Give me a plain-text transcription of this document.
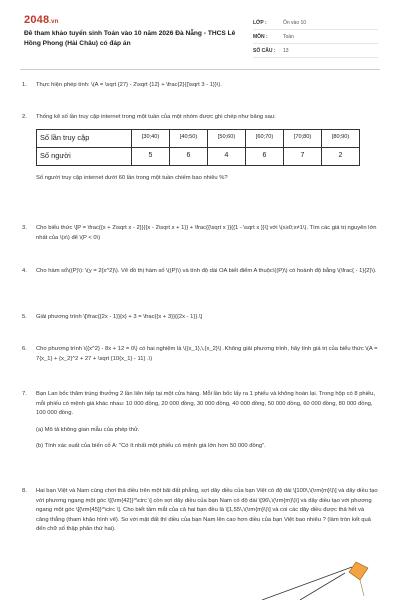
2048.vn
Đề tham khảo tuyển sinh Toán vào 10 năm 2026 Đà Nẵng - THCS Lê Hồng Phong (Hải Châu) có đáp án
LỚP :	Ôn vào 10
MÔN :	Toán
SỐ CÂU :	13
1.	Thực hiện phép tính: \(A = \sqrt {27} - 2\sqrt {12} + \frac{2}{{\sqrt 3 - 1}}\).

2.	Thống kê số lần truy cập internet trong một tuần của một nhóm được ghi chép như bảng sau:

Số lần truy cập	[30;40)	[40;50)	[50;60)	[60;70)	[70;80)	[80;90)
Số người	5	6	4	6	7	2

Số người truy cập internet dưới 60 lần trong một tuần chiếm bao nhiêu %?

3.	Cho biểu thức \[P = \frac{{x + 2\sqrt x - 2}}{{x - 2\sqrt x + 1}} + \frac{{\sqrt x }}{{1 - \sqrt x }}\] với \(x≥0;x≠1\). Tìm các giá trị nguyên lớn nhất của \(x\) để \(P < 0\)

4.	Cho hàm số\((P)\): \(y = 2{x^2}\). Vẽ đồ thị hàm số \((P)\) và tính độ dài OA biết điểm A thuộc\((P)\) có hoành độ bằng \(\frac{ - 1}{2}\).

5.	Giải phương trình \[\frac{{2x - 1}}{x} + 3 = \frac{{x + 3}}{{2x - 1}}.\]

6.	Cho phương trình \({x^2} - 8x + 12 = 0\) có hai nghiệm là \({x_1},\,{x_2}\) .Không giải phương trình, hãy tính giá trị của biểu thức \(A = 7{x_1} + {x_2}^2 + 27 + \sqrt {10{x_1} - 11} .\)

7.	Bạn Lan bốc thăm trúng thưởng 2 lần liên tiếp tại một cửa hàng. Mỗi lần bốc lấy ra 1 phiếu và không hoàn lại. Trong hộp có 8 phiếu, mỗi phiếu có mệnh giá khác nhau: 10 000 đồng, 20 000 đồng, 30 000 đồng, 40 000 đồng, 50 000 đồng, 60 000 đồng, 80 000 đồng, 100 000 đồng.

(a) Mô tả không gian mẫu của phép thử.

(b) Tính xác suất của biến cố A: "Có ít nhất một phiếu có mệnh giá lớn hơn 50 000 đồng".

8.	Hai bạn Việt và Nam cùng chơi thả diều trên một bãi đất phẳng, sợi dây diều của bạn Việt có độ dài \[100\,\(\rm{m}\)\] và dây diều tạo với phương ngang một góc \[{\rm{42}}^\circ \] còn sợi dây diều của bạn Nam có độ dài \[96\,\(\rm{m}\)\] và dây diều tạo với phương ngang một góc \[{\rm{45}}^\circ \]. Cho biết tầm mắt của cả hai bạn đều là \[1,55\,\(\rm{m}\)\] và coi các dây diều được thả hết và căng thẳng (tham khảo hình vẽ). So với mặt đất thì diều của bạn Nam lên cao hơn diều của bạn Việt bao nhiêu ? (làm tròn kết quả đến chữ số thập phân thứ hai).
